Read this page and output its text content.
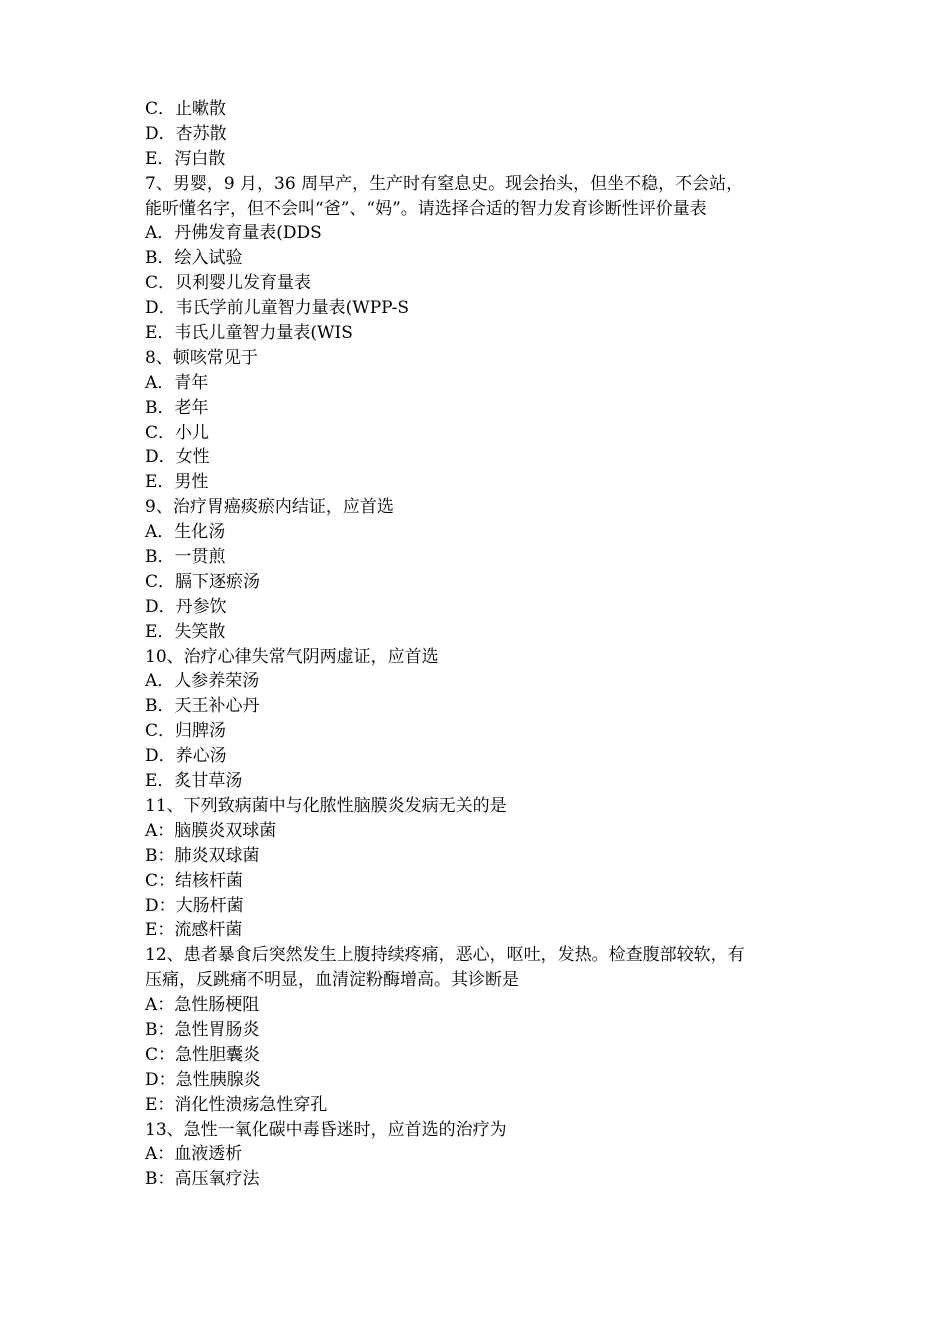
C．止嗽散

D．杏苏散

E．泻白散

7、男婴，9 月，36 周早产，生产时有窒息史。现会抬头，但坐不稳，不会站，

能听懂名字，但不会叫“爸”、“妈”。请选择合适的智力发育诊断性评价量表

A．丹佛发育量表(DDS

B．绘入试验

C．贝利婴儿发育量表

D．韦氏学前儿童智力量表(WPP-S

E．韦氏儿童智力量表(WIS

8、顿咳常见于

A．青年

B．老年

C．小儿

D．女性

E．男性

9、治疗胃癌痰瘀内结证，应首选

A．生化汤

B．一贯煎

C．膈下逐瘀汤

D．丹参饮

E．失笑散

10、治疗心律失常气阴两虚证，应首选

A．人参养荣汤

B．天王补心丹

C．归脾汤

D．养心汤

E．炙甘草汤

11、下列致病菌中与化脓性脑膜炎发病无关的是

A：脑膜炎双球菌

B：肺炎双球菌

C：结核杆菌

D：大肠杆菌

E：流感杆菌

12、患者暴食后突然发生上腹持续疼痛，恶心，呕吐，发热。检查腹部较软，有

压痛，反跳痛不明显，血清淀粉酶增高。其诊断是

A：急性肠梗阻

B：急性胃肠炎

C：急性胆囊炎

D：急性胰腺炎

E：消化性溃疡急性穿孔

13、急性一氧化碳中毒昏迷时，应首选的治疗为

A：血液透析

B：高压氧疗法
